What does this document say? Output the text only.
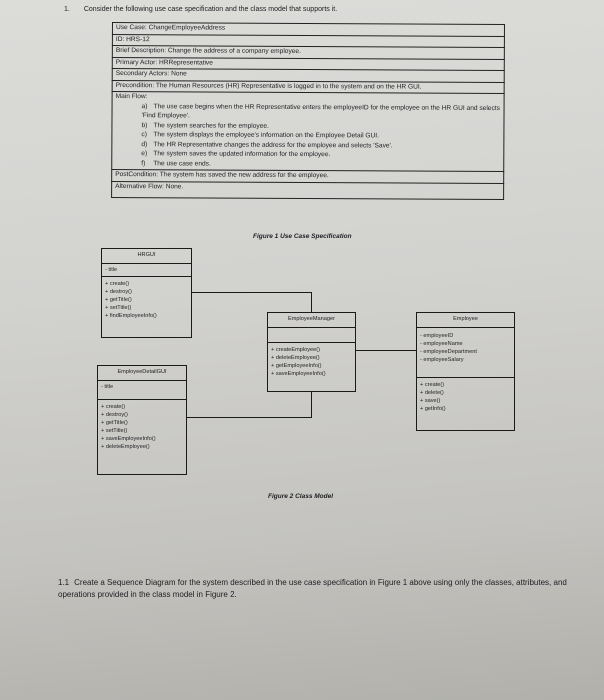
1. Consider the following use case specification and the class model that supports it.
Use Case: ChangeEmployeeAddress
ID: HRS-12
Brief Description: Change the address of a company employee.
Primary Actor: HRRepresentative
Secondary Actors: None
Precondition: The Human Resources (HR) Representative is logged in to the system and on the HR GUI.

Main Flow:
a) The use case begins when the HR Representative enters the employeeID for the employee on the HR GUI and selects 'Find Employee'.
b) The system searches for the employee.
c) The system displays the employee's information on the Employee Detail GUI.
d) The HR Representative changes the address for the employee and selects 'Save'.
e) The system saves the updated information for the employee.
f) The use case ends.

PostCondition: The system has saved the new address for the employee.
Alternative Flow: None.
Figure 1 Use Case Specification
HRGUI
- title
+ create()
+ destroy()
+ getTitle()
+ setTitle()
+ findEmployeeInfo()
EmployeeDetailGUI
- title
+ create()
+ destroy()
+ getTitle()
+ setTitle()
+ saveEmployeeInfo()
+ deleteEmployee()
EmployeeManager
+ createEmployee()
+ deleteEmployee()
+ getEmployeeInfo()
+ saveEmployeeInfo()
Employee
- employeeID
- employeeName
- employeeDepartment
- employeeSalary
+ create()
+ delete()
+ save()
+ getInfo()
Figure 2 Class Model
1.1 Create a Sequence Diagram for the system described in the use case specification in Figure 1 above using only the classes, attributes, and operations provided in the class model in Figure 2.
